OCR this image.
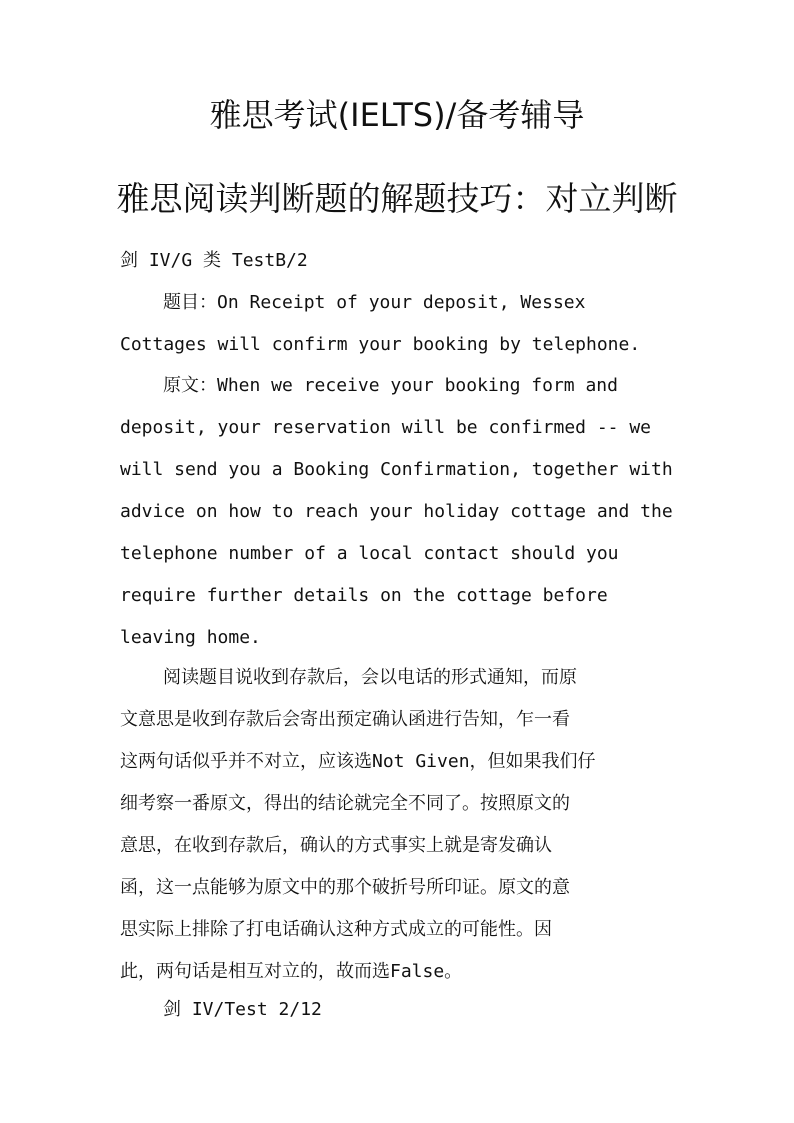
雅思考试(IELTS)/备考辅导
雅思阅读判断题的解题技巧：对立判断
剑 IV/G 类 TestB/2
题目：On Receipt of your deposit, Wessex
Cottages will confirm your booking by telephone.
原文：When we receive your booking form and
deposit, your reservation will be confirmed -- we
will send you a Booking Confirmation, together with
advice on how to reach your holiday cottage and the
telephone number of a local contact should you
require further details on the cottage before
leaving home.
阅读题目说收到存款后，会以电话的形式通知，而原
文意思是收到存款后会寄出预定确认函进行告知，乍一看
这两句话似乎并不对立，应该选Not Given，但如果我们仔
细考察一番原文，得出的结论就完全不同了。按照原文的
意思，在收到存款后，确认的方式事实上就是寄发确认
函，这一点能够为原文中的那个破折号所印证。原文的意
思实际上排除了打电话确认这种方式成立的可能性。因
此，两句话是相互对立的，故而选False。
剑 IV/Test 2/12
